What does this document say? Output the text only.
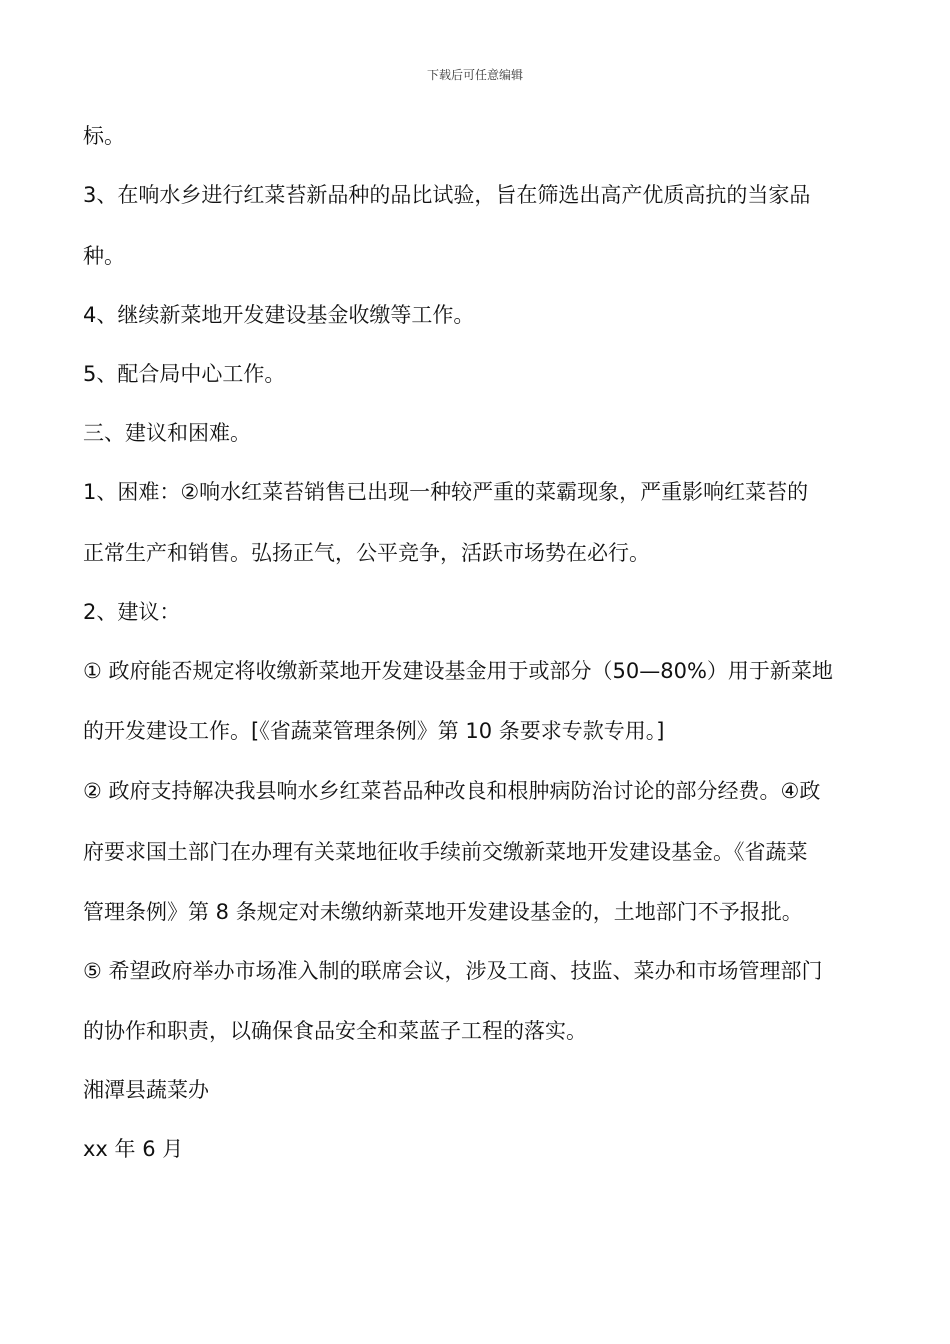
下载后可任意编辑
标。
3、在响水乡进行红菜苔新品种的品比试验，旨在筛选出高产优质高抗的当家品
种。
4、继续新菜地开发建设基金收缴等工作。
5、配合局中心工作。
三、建议和困难。
1、困难：②响水红菜苔销售已出现一种较严重的菜霸现象，严重影响红菜苔的
正常生产和销售。弘扬正气，公平竞争，活跃市场势在必行。
2、建议：
① 政府能否规定将收缴新菜地开发建设基金用于或部分（50—80%）用于新菜地
的开发建设工作。[《省蔬菜管理条例》第 10 条要求专款专用。]
② 政府支持解决我县响水乡红菜苔品种改良和根肿病防治讨论的部分经费。④政
府要求国土部门在办理有关菜地征收手续前交缴新菜地开发建设基金。《省蔬菜
管理条例》第 8 条规定对未缴纳新菜地开发建设基金的，土地部门不予报批。
⑤ 希望政府举办市场准入制的联席会议，涉及工商、技监、菜办和市场管理部门
的协作和职责，以确保食品安全和菜蓝子工程的落实。
湘潭县蔬菜办
xx 年 6 月
